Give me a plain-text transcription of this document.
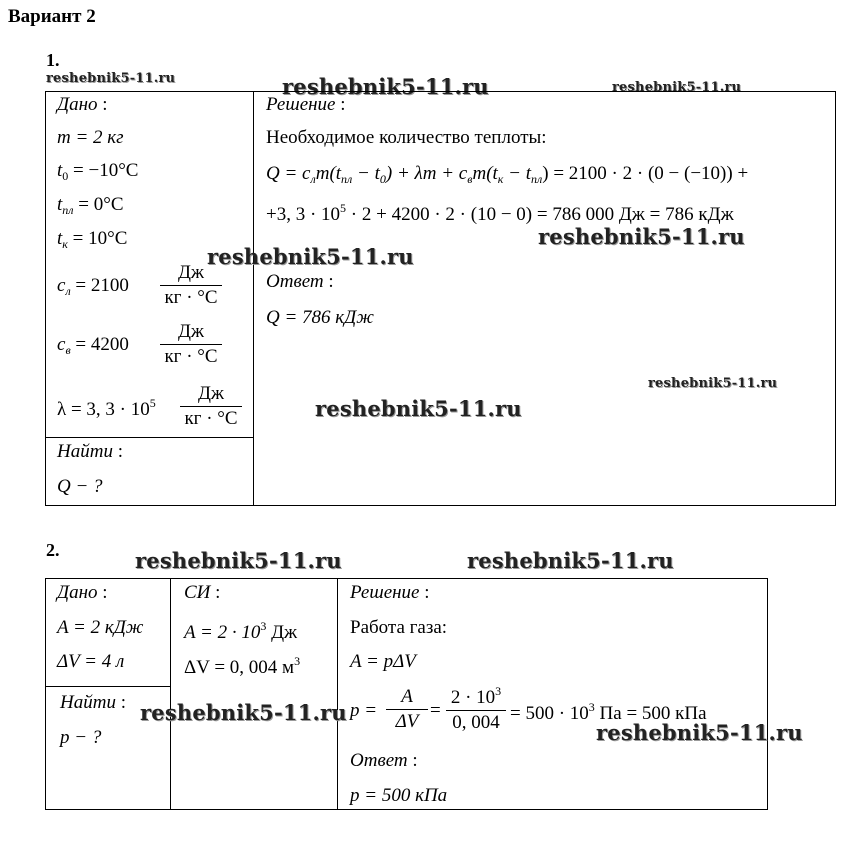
Вариант 2
1.
reshebnik5-11.ru	reshebnik5-11.ru	reshebnik5-11.ru
Дано :
m = 2 кг
$t_0 = -10^\circ C$
$t_{пл} = 0^\circ C$
$t_к = 10^\circ C$
$c_л = 2100$
Дж
кг · °C
$c_в = 4200$
Дж
кг · °C
λ = 3, $3 \cdot 10^5$	Дж
кг · °C
Найти :
Q − ?
Решение :
Необходимое количество теплоты:
$Q = c_лm(t_{пл} - t_0) + \lambda m + c_вm(t_к - t_{пл}) = 2100 \cdot 2 \cdot (0 - (-10))$ +
+3, $3 \cdot 10^5 \cdot 2 + 4200 \cdot 2 \cdot (10 - 0) = 786$ 000 Дж = 786 кДж
Ответ :
Q = 786 кДж
reshebnik5-11.ru
reshebnik5-11.ru
reshebnik5-11.ru
reshebnik5-11.ru
2.	reshebnik5-11.ru	reshebnik5-11.ru
Дано :
A = 2 кДж
ΔV = 4 л
Найти :
p − ?
СИ :
$A = 2 \cdot 10^3$ Дж
ΔV = 0, 004 $м^3$
Решение :
Работа газа:
A = pΔV
p =
A
ΔV
=
$2 \cdot 10^3$
0, $004 = 500 \cdot 10^3$ Па = 500 кПа
Ответ :
p = 500 кПа
reshebnik5-11.ru
reshebnik5-11.ru
